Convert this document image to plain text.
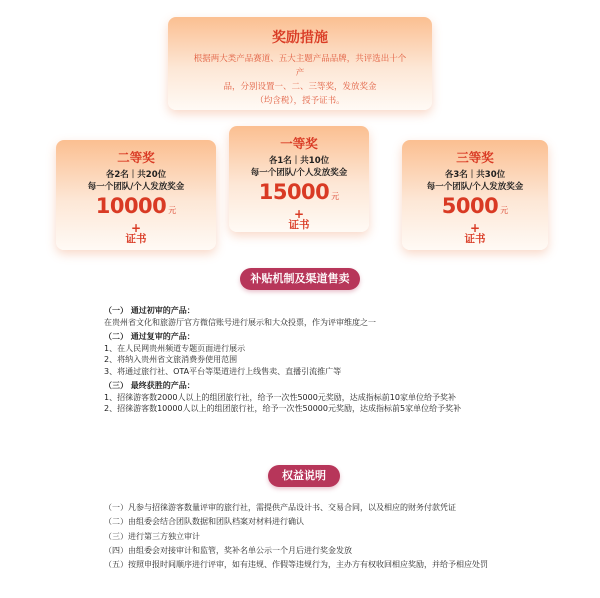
奖励措施
根据两大类产品赛道、五大主题产品品牌，共评选出十个产
品，分别设置一、二、三等奖，发放奖金
（均含税），授予证书。
二等奖
各2名｜共20位
每一个团队/个人发放奖金
10000 元
+
证书
一等奖
各1名｜共10位
每一个团队/个人发放奖金
15000 元
+
证书
三等奖
各3名｜共30位
每一个团队/个人发放奖金
5000 元
+
证书
补贴机制及渠道售卖
（一） 通过初审的产品：
在贵州省文化和旅游厅官方微信账号进行展示和大众投票，作为评审维度之一
（二） 通过复审的产品：
1、在人民网贵州频道专题页面进行展示
2、将纳入贵州省文旅消费券使用范围
3、将通过旅行社、OTA平台等渠道进行上线售卖、直播引流推广等
（三） 最终获胜的产品：
1、招徕游客数2000人以上的组团旅行社，给予一次性5000元奖励，达成指标前10家单位给予奖补
2、招徕游客数10000人以上的组团旅行社，给予一次性50000元奖励，达成指标前5家单位给予奖补
权益说明
（一）凡参与招徕游客数量评审的旅行社，需提供产品设计书、交易合同，以及相应的财务付款凭证
（二）由组委会结合团队数据和团队档案对材料进行确认
（三）进行第三方独立审计
（四）由组委会对接审计和监管，奖补名单公示一个月后进行奖金发放
（五）按照申报时间顺序进行评审，如有违规、作假等违规行为，主办方有权收回相应奖励，并给予相应处罚
